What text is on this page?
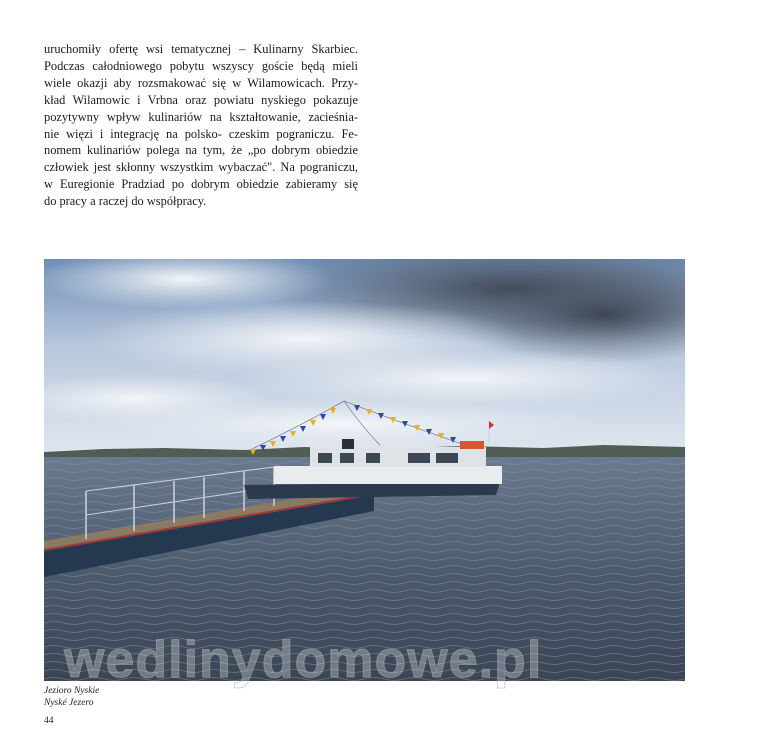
uruchomiły ofertę wsi tematycznej – Kulinarny Skarbiec.
Podczas całodniowego pobytu wszyscy goście będą mieli
wiele okazji aby rozsmakować się w Wilamowicach. Przy-
kład Wilamowic i Vrbna oraz powiatu nyskiego pokazuje
pozytywny wpływ kulinariów na kształtowanie, zacieśnia-
nie więzi i integrację na polsko- czeskim pograniczu. Fe-
nomem kulinariów polega na tym, że „po dobrym obiedzie
człowiek jest skłonny wszystkim wybaczać". Na pograniczu,
w Euregionie Pradziad po dobrym obiedzie zabieramy się
do pracy a raczej do współpracy.

wedlinydomowe.pl
Jezioro Nyskie
Nyské Jezero
44
